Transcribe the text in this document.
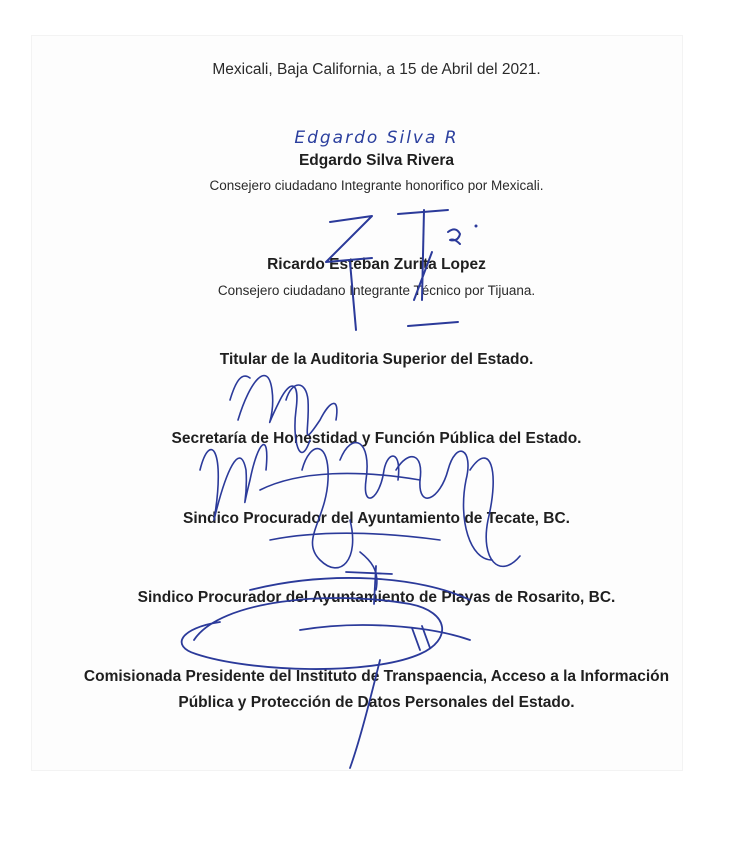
Mexicali, Baja California, a 15 de Abril del 2021.
Edgardo Silva R
Edgardo Silva Rivera
Consejero ciudadano Integrante honorifico por Mexicali.
Ricardo Esteban Zurita Lopez
Consejero ciudadano Integrante Técnico por Tijuana.
Titular de la Auditoria Superior del Estado.
Secretaría de Honestidad y Función Pública del Estado.
Sindico Procurador del Ayuntamiento de Tecate, BC.
Sindico Procurador del Ayuntamiento de Playas de Rosarito, BC.
Comisionada Presidente del Instituto de Transpaencia, Acceso a la Información
Pública y Protección de Datos Personales del Estado.
